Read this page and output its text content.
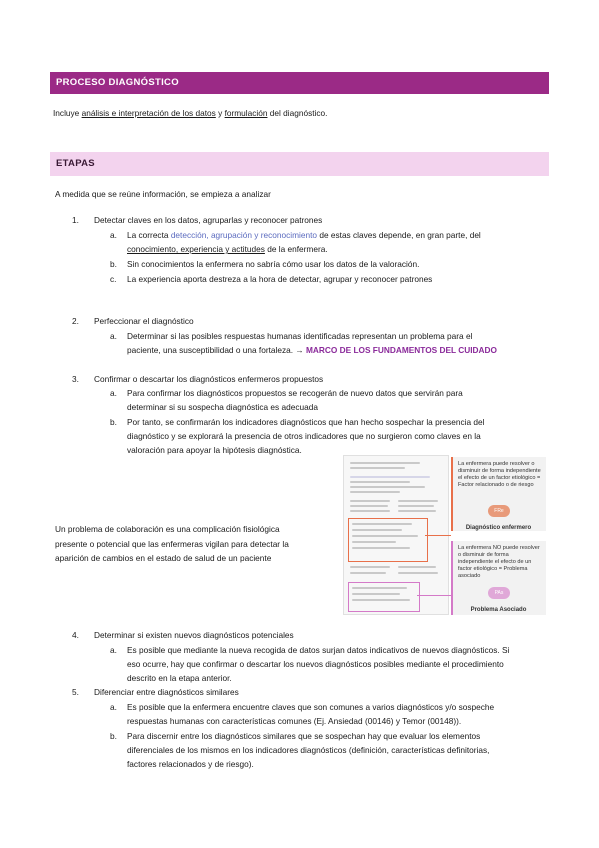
PROCESO DIAGNÓSTICO
Incluye análisis e interpretación de los datos y formulación del diagnóstico.
ETAPAS
A medida que se reúne información, se empieza a analizar
1. Detectar claves en los datos, agruparlas y reconocer patrones
a. La correcta detección, agrupación y reconocimiento de estas claves depende, en gran parte, del
conocimiento, experiencia y actitudes de la enfermera.
b. Sin conocimientos la enfermera no sabría cómo usar los datos de la valoración.
c. La experiencia aporta destreza a la hora de detectar, agrupar y reconocer patrones
2. Perfeccionar el diagnóstico
a. Determinar si las posibles respuestas humanas identificadas representan un problema para el
paciente, una susceptibilidad o una fortaleza. → MARCO DE LOS FUNDAMENTOS DEL CUIDADO
3. Confirmar o descartar los diagnósticos enfermeros propuestos
a. Para confirmar los diagnósticos propuestos se recogerán de nuevo datos que servirán para
determinar si su sospecha diagnóstica es adecuada
b. Por tanto, se confirmarán los indicadores diagnósticos que han hecho sospechar la presencia del
diagnóstico y se explorará la presencia de otros indicadores que no surgieron como claves en la
valoración para apoyar la hipótesis diagnóstica.
Un problema de colaboración es una complicación fisiológica
presente o potencial que las enfermeras vigilan para detectar la
aparición de cambios en el estado de salud de un paciente
La enfermera puede resolver o disminuir de forma independiente el efecto de un factor etiológico = Factor relacionado o de riesgo
FRe
Diagnóstico enfermero
La enfermera NO puede resolver o disminuir de forma independiente el efecto de un factor etiológico = Problema asociado
PAs
Problema Asociado
4. Determinar si existen nuevos diagnósticos potenciales
a. Es posible que mediante la nueva recogida de datos surjan datos indicativos de nuevos diagnósticos. Si
eso ocurre, hay que confirmar o descartar los nuevos diagnósticos posibles mediante el procedimiento
descrito en la etapa anterior.
5. Diferenciar entre diagnósticos similares
a. Es posible que la enfermera encuentre claves que son comunes a varios diagnósticos y/o sospeche
respuestas humanas con características comunes (Ej. Ansiedad (00146) y Temor (00148)).
b. Para discernir entre los diagnósticos similares que se sospechan hay que evaluar los elementos
diferenciales de los mismos en los indicadores diagnósticos (definición, características definitorias,
factores relacionados y de riesgo).
